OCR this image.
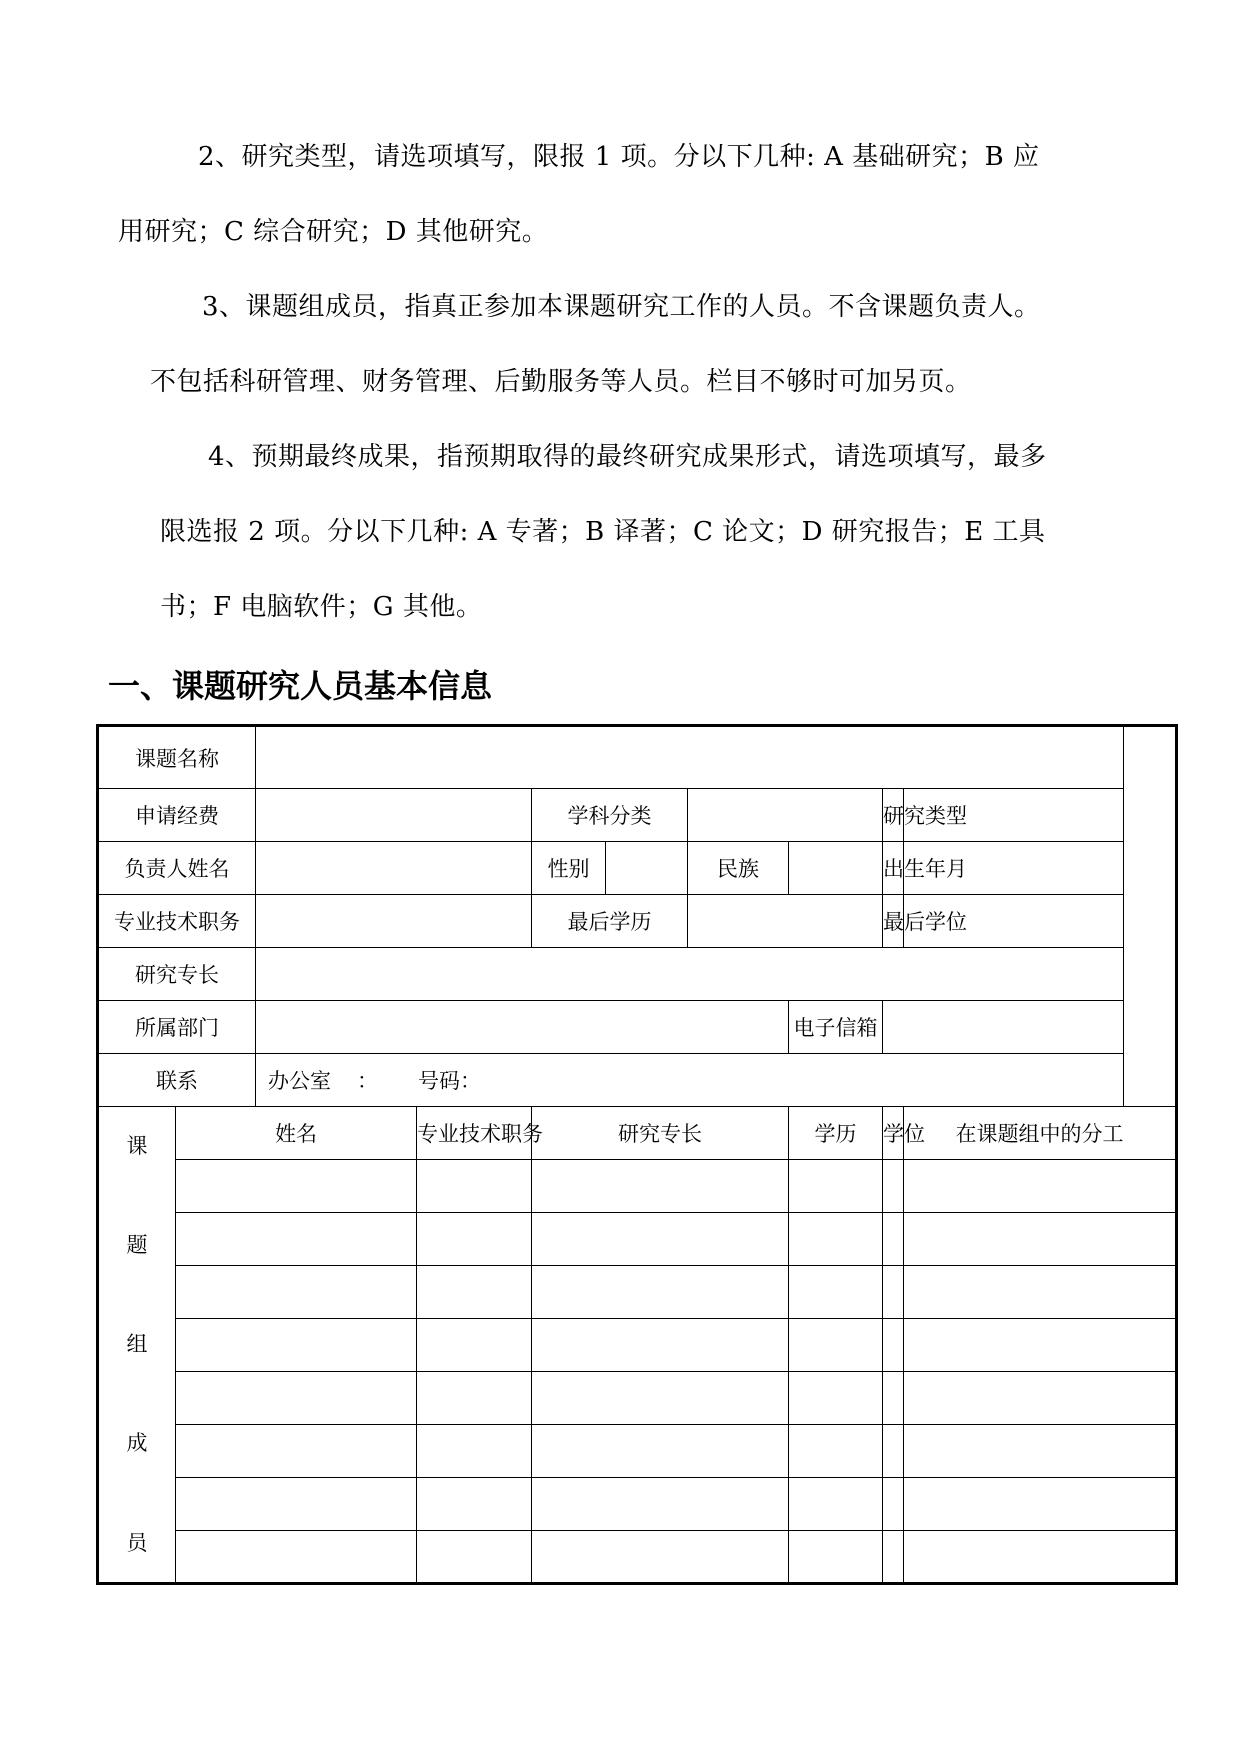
2、研究类型，请选项填写，限报 1 项。分以下几种: A 基础研究；B 应
用研究；C 综合研究；D 其他研究。
3、课题组成员，指真正参加本课题研究工作的人员。不含课题负责人。
不包括科研管理、财务管理、后勤服务等人员。栏目不够时可加另页。
4、预期最终成果，指预期取得的最终研究成果形式，请选项填写，最多
限选报 2 项。分以下几种: A 专著；B 译著；C 论文；D 研究报告；E 工具
书；F 电脑软件；G 其他。
一、课题研究人员基本信息
课题名称									
申请经费				学科分类				研究类型	
负责人姓名				性别		民族		出生年月	
专业技术职务				最后学历				最后学位	
研究专长									
所属部门							电子信箱		
联系		办公室 ： 号码：							

课
题
组
成
员	姓名		专业技术职务	研究专长			学历	学位	在课题组中的分工
